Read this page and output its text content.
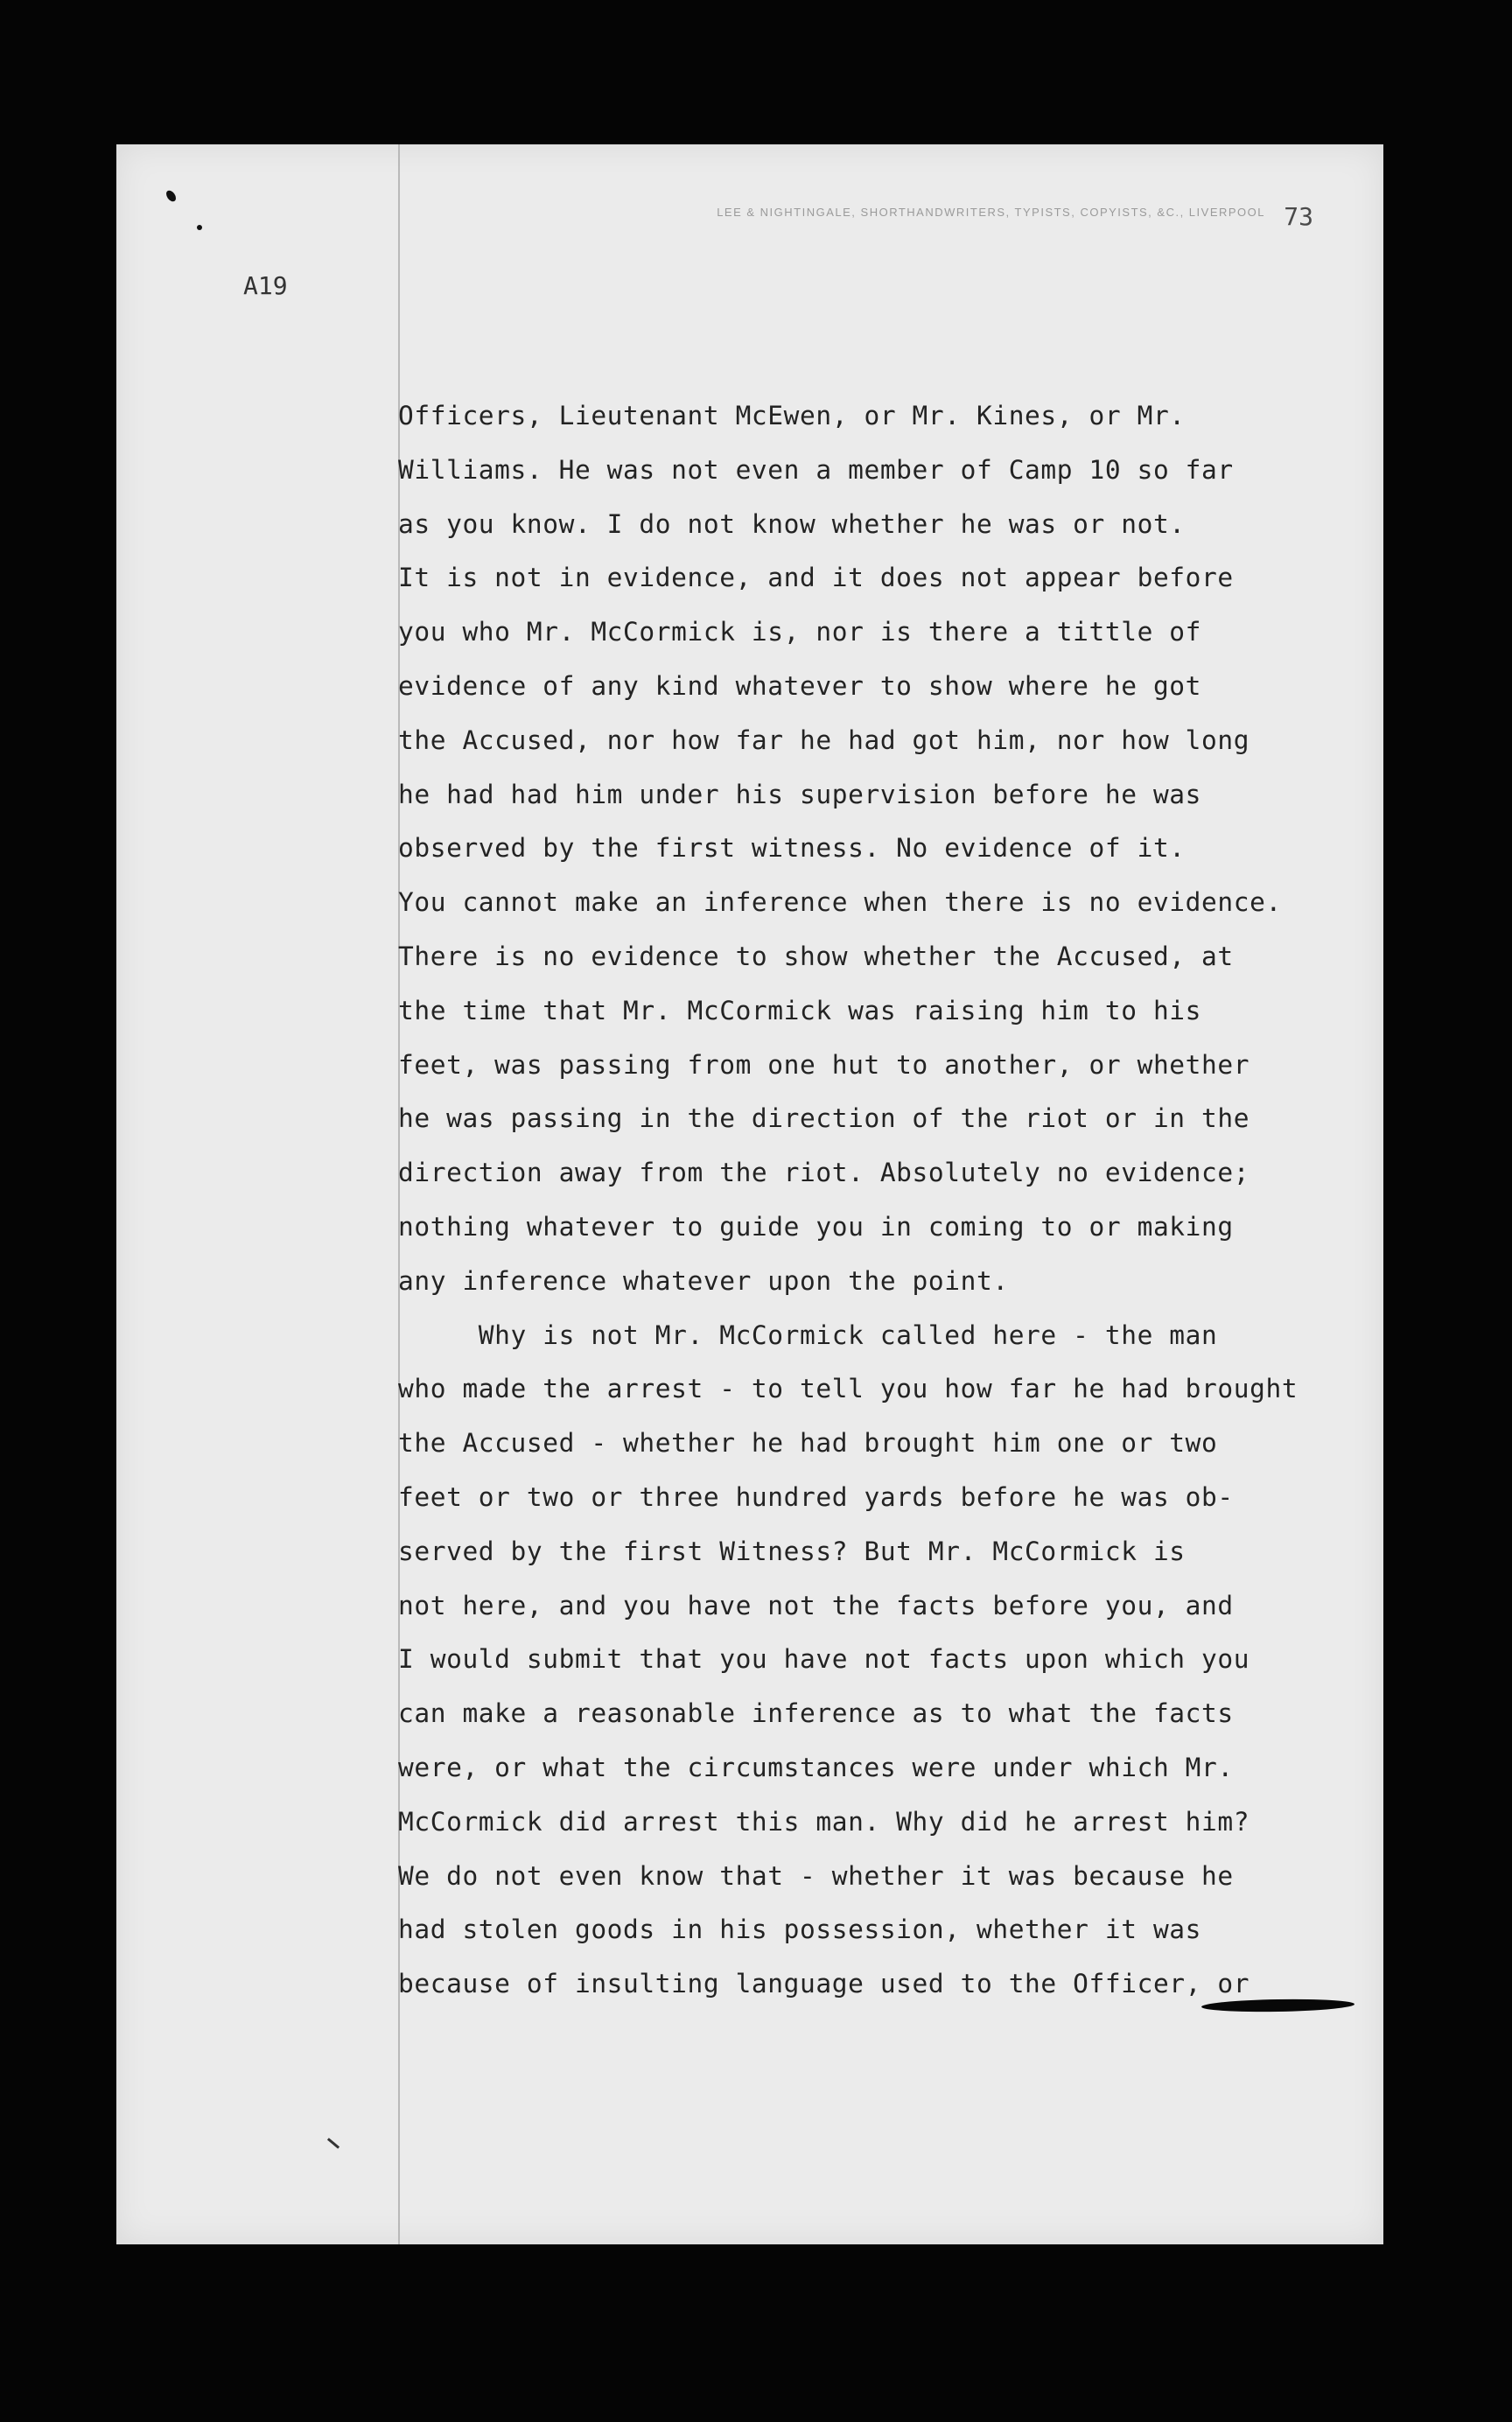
LEE & NIGHTINGALE, SHORTHANDWRITERS, TYPISTS, COPYISTS, &C., LIVERPOOL 73
A19
Officers, Lieutenant McEwen, or Mr. Kines, or Mr.
Williams. He was not even a member of Camp 10 so far
as you know. I do not know whether he was or not.
It is not in evidence, and it does not appear before
you who Mr. McCormick is, nor is there a tittle of
evidence of any kind whatever to show where he got
the Accused, nor how far he had got him, nor how long
he had had him under his supervision before he was
observed by the first witness. No evidence of it.
You cannot make an inference when there is no evidence.
There is no evidence to show whether the Accused, at
the time that Mr. McCormick was raising him to his
feet, was passing from one hut to another, or whether
he was passing in the direction of the riot or in the
direction away from the riot. Absolutely no evidence;
nothing whatever to guide you in coming to or making
any inference whatever upon the point.
Why is not Mr. McCormick called here - the man
who made the arrest - to tell you how far he had brought
the Accused - whether he had brought him one or two
feet or two or three hundred yards before he was ob-
served by the first Witness? But Mr. McCormick is
not here, and you have not the facts before you, and
I would submit that you have not facts upon which you
can make a reasonable inference as to what the facts
were, or what the circumstances were under which Mr.
McCormick did arrest this man. Why did he arrest him?
We do not even know that - whether it was because he
had stolen goods in his possession, whether it was
because of insulting language used to the Officer, or
